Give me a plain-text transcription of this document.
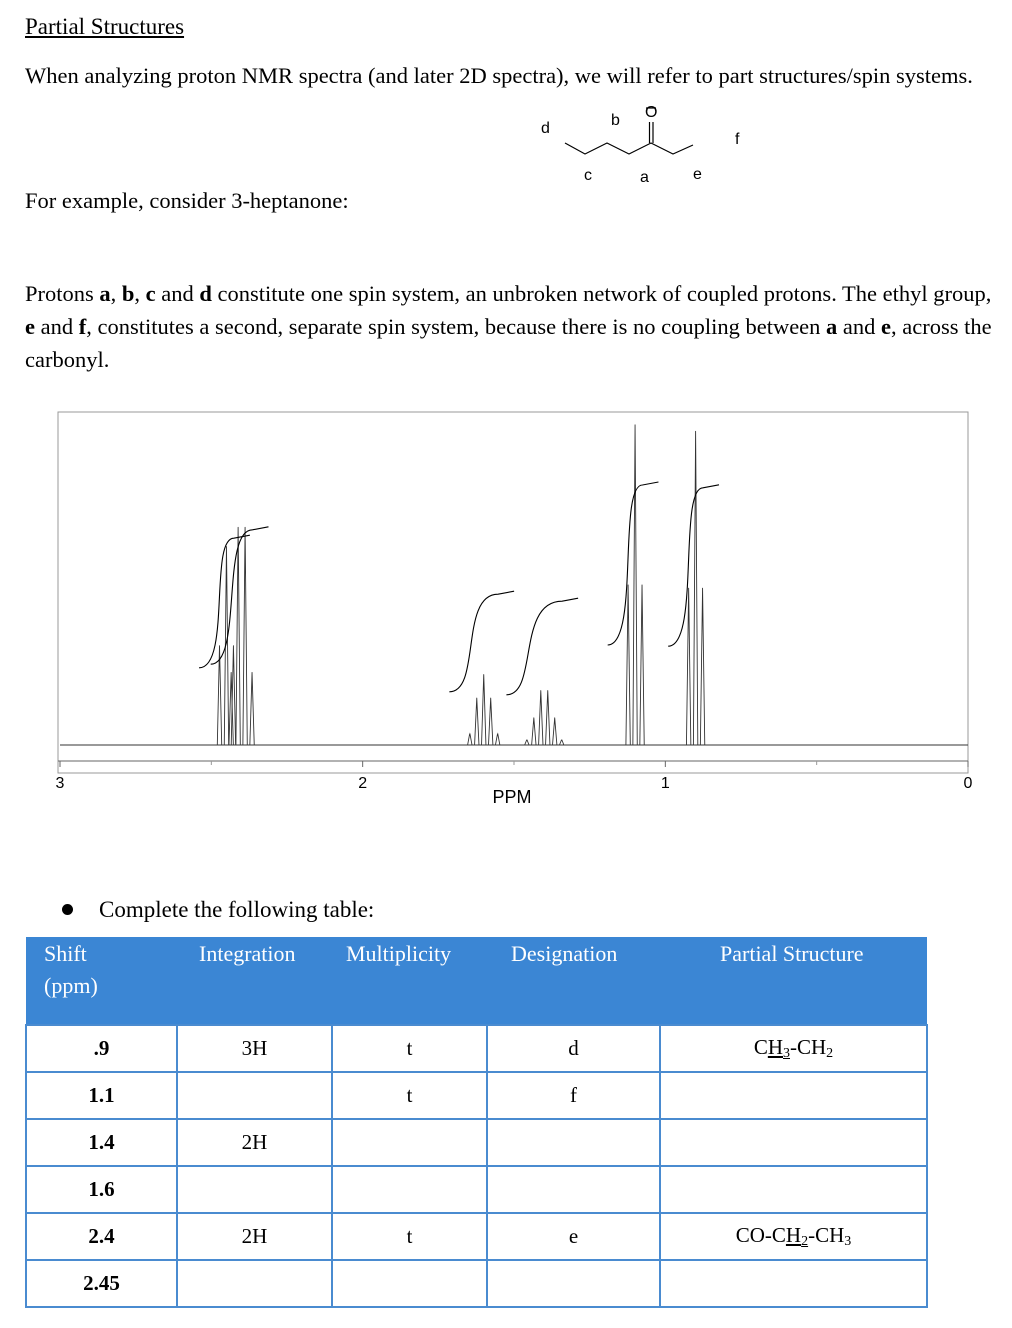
Partial Structures
When analyzing proton NMR spectra (and later 2D spectra), we will refer to part structures/spin systems.
d	b O
f
c	a	e
For example, consider 3-heptanone:
Protons a, b, c and d constitute one spin system, an unbroken network of coupled protons. The ethyl group, e and f, constitutes a second, separate spin system, because there is no coupling between a and e, across the carbonyl.
3	2	1	0
PPM
Complete the following table:
Shift
(ppm)	Integration	Multiplicity	Designation	Partial Structure
.9	3H	t	d	$CH_3-CH_2$
1.1		t	f	
1.4	2H			
1.6				
2.4	2H	t	e	$CO-CH_2-CH_3$
2.45				
